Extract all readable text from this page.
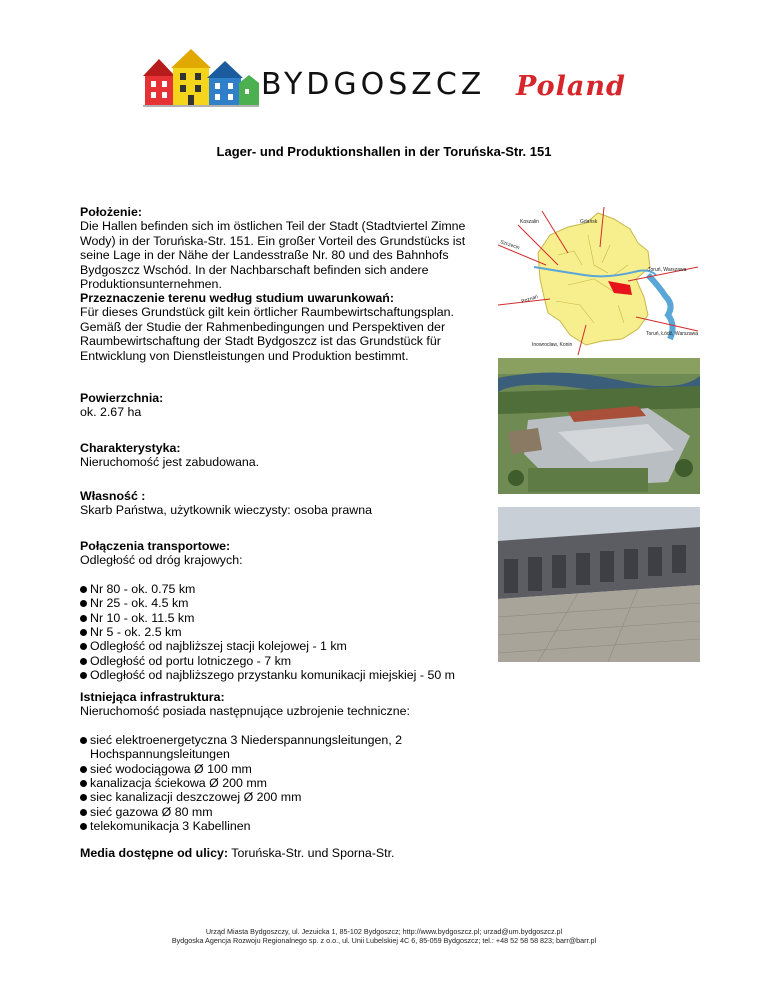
BYDGOSZCZ Poland
Lager- und Produktionshallen in der Toruńska-Str. 151
Położenie:
Die Hallen befinden sich im östlichen Teil der Stadt (Stadtviertel Zimne
Wody) in der Toruńska-Str. 151. Ein großer Vorteil des Grundstücks ist
seine Lage in der Nähe der Landesstraße Nr. 80 und des Bahnhofs
Bydgoszcz Wschód. In der Nachbarschaft befinden sich andere
Produktionsunternehmen.
Przeznaczenie terenu według studium uwarunkowań:
Für dieses Grundstück gilt kein örtlicher Raumbewirtschaftungsplan.
Gemäß der Studie der Rahmenbedingungen und Perspektiven der
Raumbewirtschaftung der Stadt Bydgoszcz ist das Grundstück für
Entwicklung von Dienstleistungen und Produktion bestimmt.
Powierzchnia:
ok. 2.67 ha
Charakterystyka:
Nieruchomość jest zabudowana.
Własność :
Skarb Państwa, użytkownik wieczysty: osoba prawna
Połączenia transportowe:
Odległość od dróg krajowych:
Nr 80 - ok. 0.75 km
Nr 25 - ok. 4.5 km
Nr 10 - ok. 11.5 km
Nr 5 - ok. 2.5 km
Odległość od najbliższej stacji kolejowej - 1 km
Odległość od portu lotniczego - 7 km
Odległość od najbliższego przystanku komunikacji miejskiej - 50 m
Istniejąca infrastruktura:
Nieruchomość posiada następnujące uzbrojenie techniczne:
sieć elektroenergetyczna 3 Niederspannungsleitungen, 2
Hochspannungsleitungen
sieć wodociągowa Ø 100 mm
kanalizacja ściekowa Ø 200 mm
siec kanalizacji deszczowej Ø 200 mm
sieć gazowa Ø 80 mm
telekomunikacja 3 Kabellinen
Media dostępne od ulicy: Toruńska-Str. und Sporna-Str.
Koszalin	Gdańsk
Szczecin
Toruń, Warszawa
Poznań
Toruń, Łódź, Warszawa
Inowrocław, Konin
Urząd Miasta Bydgoszczy, ul. Jezuicka 1, 85-102 Bydgoszcz; http://www.bydgoszcz.pl; urzad@um.bydgoszcz.pl
Bydgoska Agencja Rozwoju Regionalnego sp. z o.o., ul. Unii Lubelskiej 4C 6, 85-059 Bydgoszcz; tel.: +48 52 58 58 823; barr@barr.pl
